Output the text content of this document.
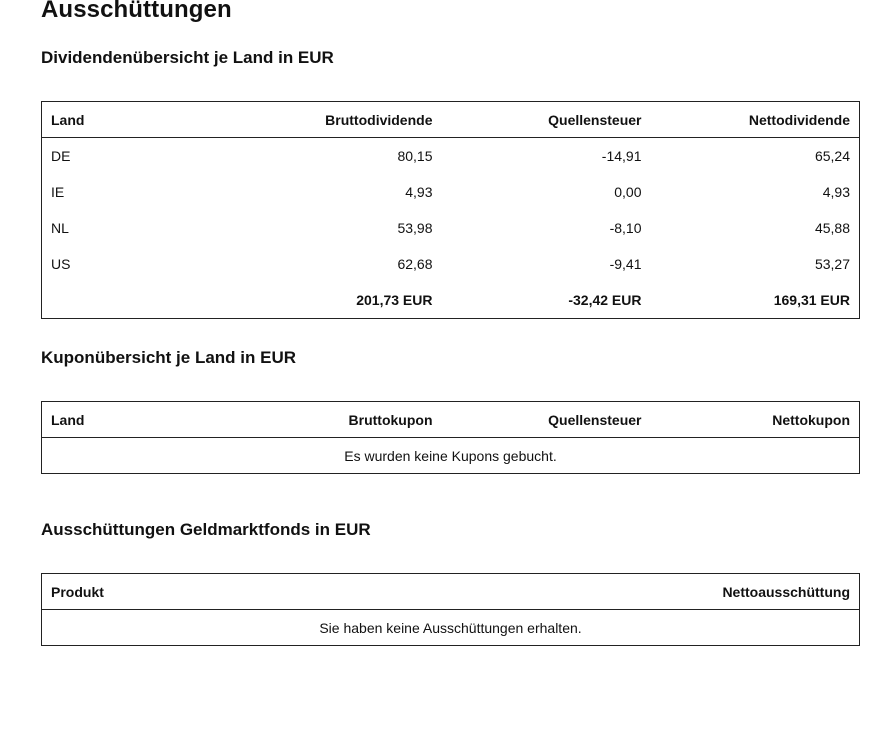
Ausschüttungen
Dividendenübersicht je Land in EUR
Land	Bruttodividende	Quellensteuer	Nettodividende
DE	80,15	-14,91	65,24
IE	4,93	0,00	4,93
NL	53,98	-8,10	45,88
US	62,68	-9,41	53,27
	201,73 EUR	-32,42 EUR	169,31 EUR
Kuponübersicht je Land in EUR
Land	Bruttokupon	Quellensteuer	Nettokupon
Es wurden keine Kupons gebucht.
Ausschüttungen Geldmarktfonds in EUR
Produkt	Nettoausschüttung
Sie haben keine Ausschüttungen erhalten.
